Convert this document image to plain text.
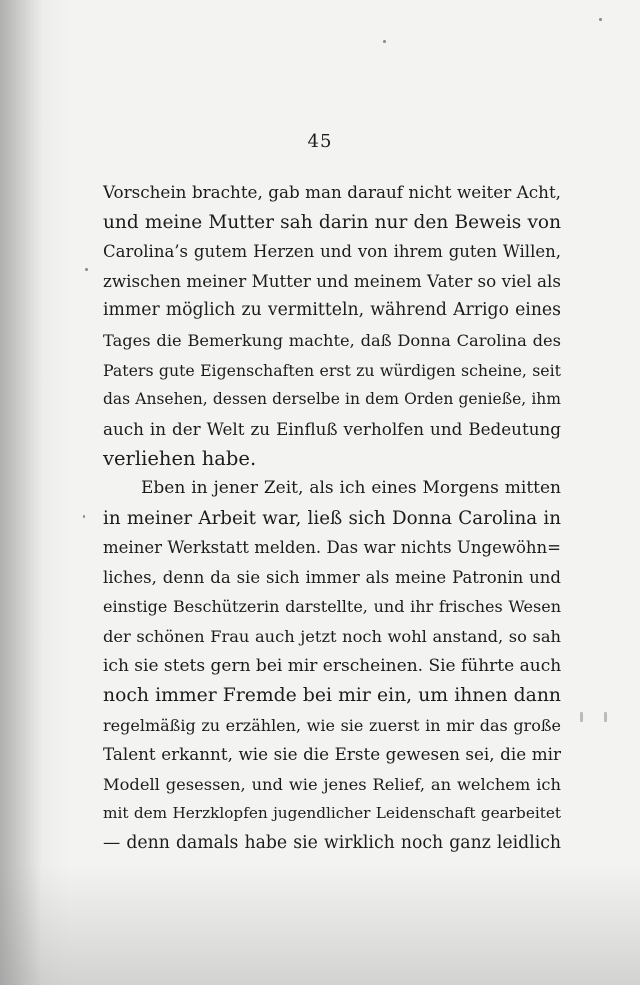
45
Vorschein brachte, gab man darauf nicht weiter Acht,
und meine Mutter sah darin nur den Beweis von
Carolina’s gutem Herzen und von ihrem guten Willen,
zwischen meiner Mutter und meinem Vater so viel als
immer möglich zu vermitteln, während Arrigo eines
Tages die Bemerkung machte, daß Donna Carolina des
Paters gute Eigenschaften erst zu würdigen scheine, seit
das Ansehen, dessen derselbe in dem Orden genieße, ihm
auch in der Welt zu Einfluß verholfen und Bedeutung
verliehen habe.
Eben in jener Zeit, als ich eines Morgens mitten
in meiner Arbeit war, ließ sich Donna Carolina in
meiner Werkstatt melden. Das war nichts Ungewöhn=
liches, denn da sie sich immer als meine Patronin und
einstige Beschützerin darstellte, und ihr frisches Wesen
der schönen Frau auch jetzt noch wohl anstand, so sah
ich sie stets gern bei mir erscheinen. Sie führte auch
noch immer Fremde bei mir ein, um ihnen dann
regelmäßig zu erzählen, wie sie zuerst in mir das große
Talent erkannt, wie sie die Erste gewesen sei, die mir
Modell gesessen, und wie jenes Relief, an welchem ich
mit dem Herzklopfen jugendlicher Leidenschaft gearbeitet
— denn damals habe sie wirklich noch ganz leidlich
